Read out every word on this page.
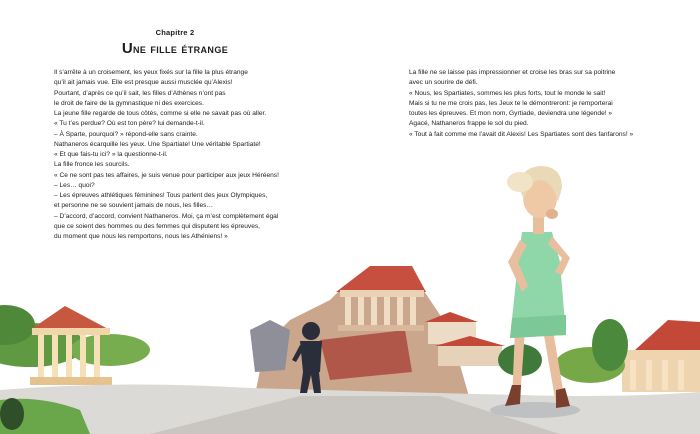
Chapitre 2
Une fille étrange
Il s’arrête à un croisement, les yeux fixés sur la fille la plus étrange
qu’il ait jamais vue. Elle est presque aussi musclée qu’Alexis!
Pourtant, d’après ce qu’il sait, les filles d’Athènes n’ont pas
le droit de faire de la gymnastique ni des exercices.
La jeune fille regarde de tous côtés, comme si elle ne savait pas où aller.
« Tu t’es perdue? Où est ton père? lui demande-t-il.
– À Sparte, pourquoi? » répond-elle sans crainte.
Nathaneros écarquille les yeux. Une Spartiate! Une véritable Spartiate!
« Et que fais-tu ici? » la questionne-t-il.
La fille fronce les sourcils.
« Ce ne sont pas tes affaires, je suis venue pour participer aux jeux Héréens!
– Les… quoi?
– Les épreuves athlétiques féminines! Tous parlent des jeux Olympiques,
et personne ne se souvient jamais de nous, les filles…
– D’accord, d’accord, convient Nathaneros. Moi, ça m’est complètement égal
que ce soient des hommes ou des femmes qui disputent les épreuves,
du moment que nous les remportons, nous les Athéniens! »
La fille ne se laisse pas impressionner et croise les bras sur sa poitrine
avec un sourire de défi.
« Nous, les Spartiates, sommes les plus forts, tout le monde le sait!
Mais si tu ne me crois pas, les Jeux te le démontreront: je remporterai
toutes les épreuves. Et mon nom, Gyrtiade, deviendra une légende! »
Agacé, Nathaneros frappe le sol du pied.
« Tout à fait comme me l’avait dit Alexis! Les Spartiates sont des fanfarons! »
